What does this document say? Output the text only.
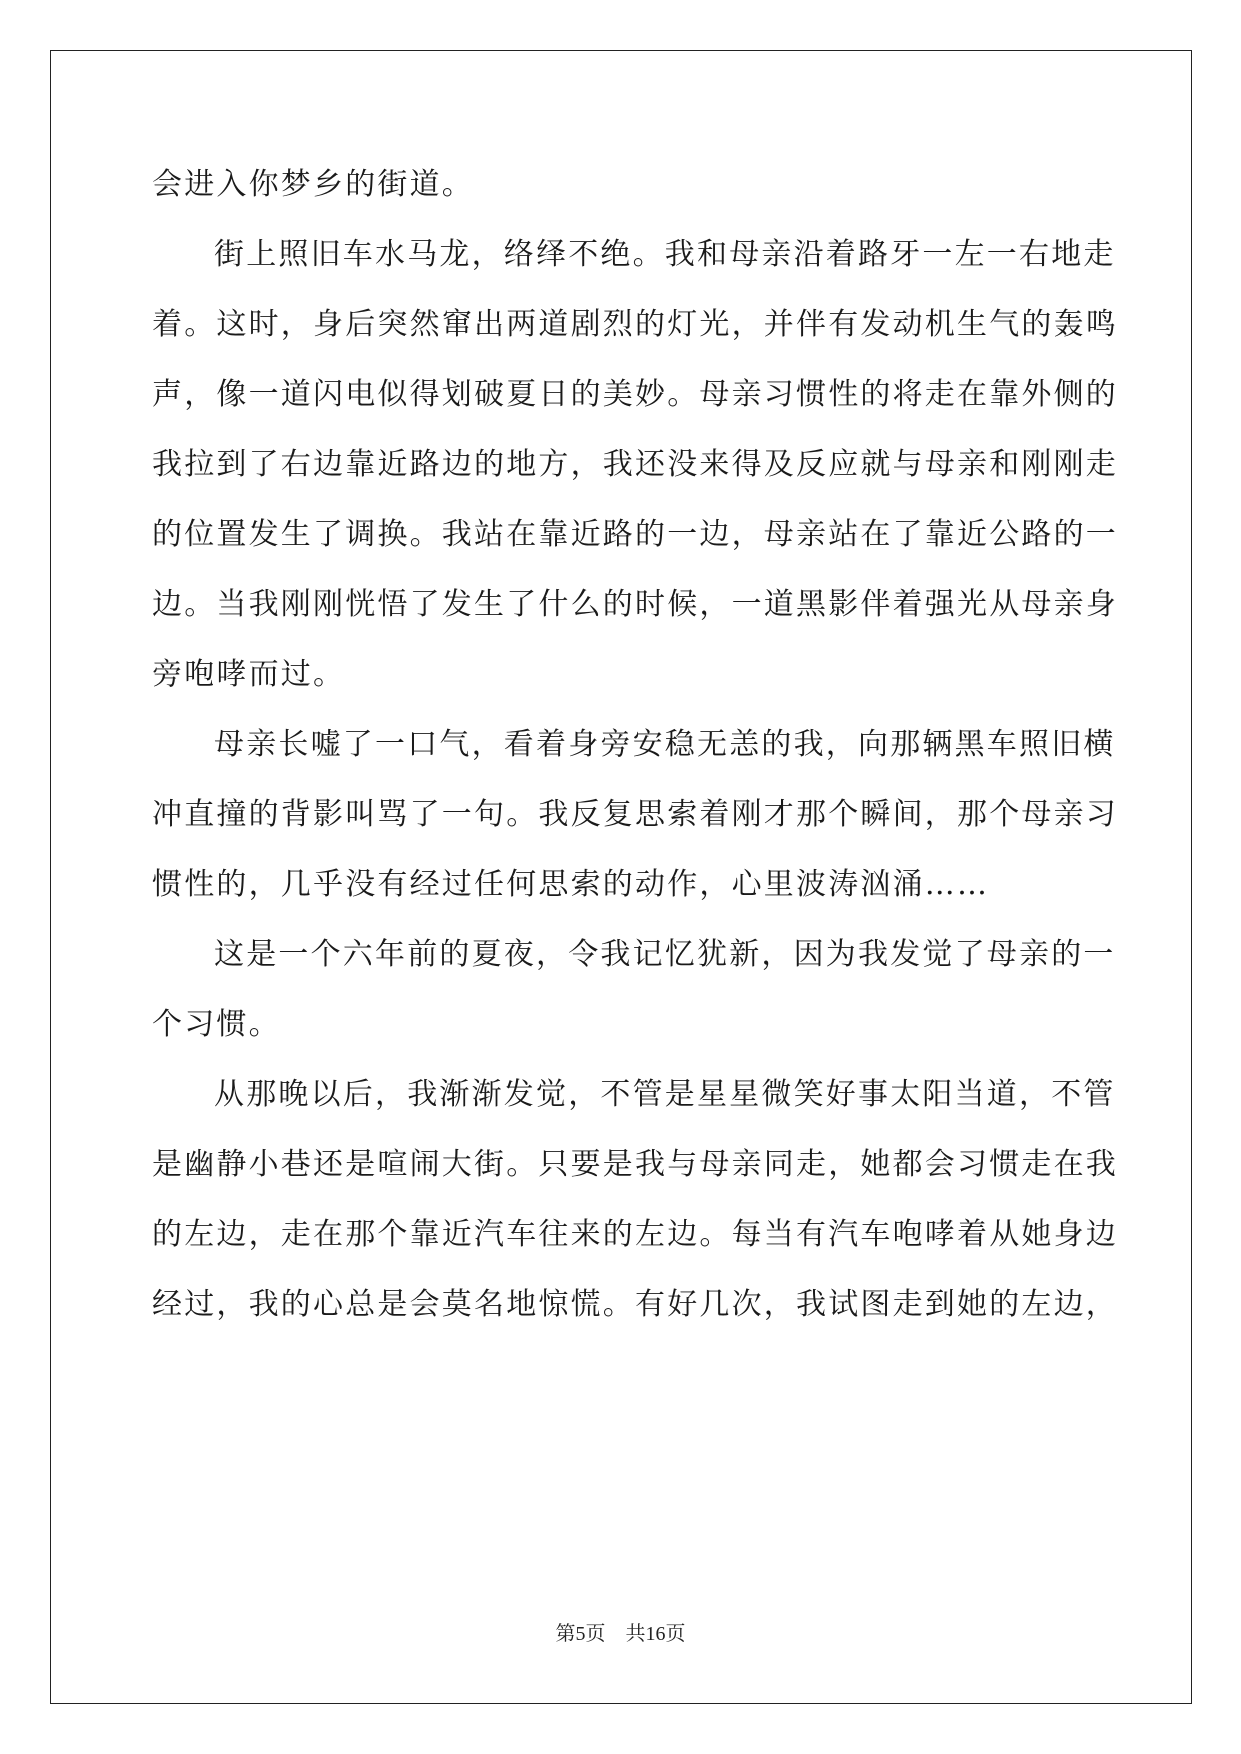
会进入你梦乡的街道。
街上照旧车水马龙，络绎不绝。我和母亲沿着路牙一左一右地走
着。这时，身后突然窜出两道剧烈的灯光，并伴有发动机生气的轰鸣
声，像一道闪电似得划破夏日的美妙。母亲习惯性的将走在靠外侧的
我拉到了右边靠近路边的地方，我还没来得及反应就与母亲和刚刚走
的位置发生了调换。我站在靠近路的一边，母亲站在了靠近公路的一
边。当我刚刚恍悟了发生了什么的时候，一道黑影伴着强光从母亲身
旁咆哮而过。
母亲长嘘了一口气，看着身旁安稳无恙的我，向那辆黑车照旧横
冲直撞的背影叫骂了一句。我反复思索着刚才那个瞬间，那个母亲习
惯性的，几乎没有经过任何思索的动作，心里波涛汹涌……
这是一个六年前的夏夜，令我记忆犹新，因为我发觉了母亲的一
个习惯。
从那晚以后，我渐渐发觉，不管是星星微笑好事太阳当道，不管
是幽静小巷还是喧闹大街。只要是我与母亲同走，她都会习惯走在我
的左边，走在那个靠近汽车往来的左边。每当有汽车咆哮着从她身边
经过，我的心总是会莫名地惊慌。有好几次，我试图走到她的左边，
第5页 共16页
